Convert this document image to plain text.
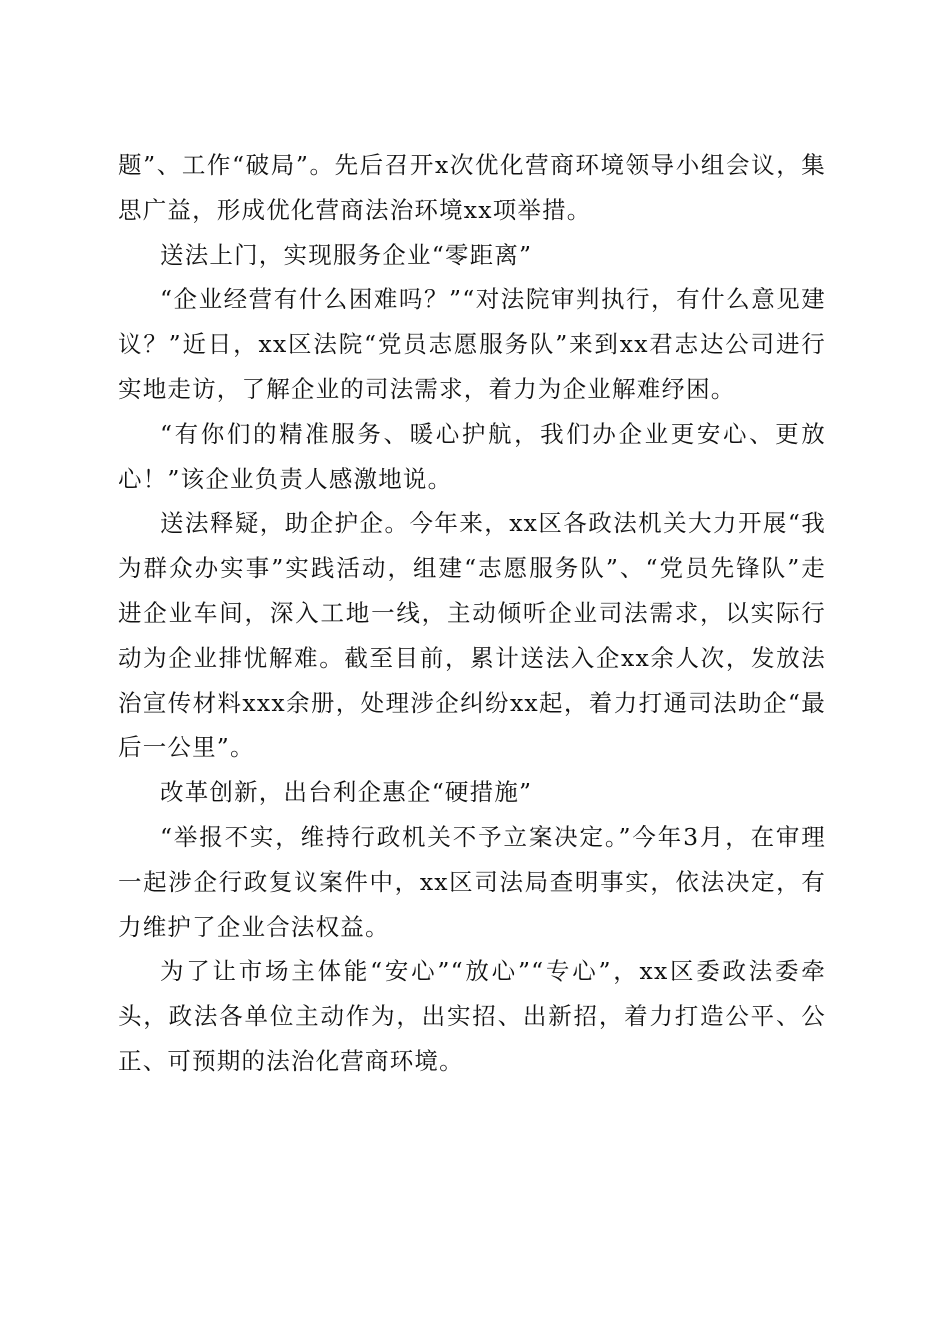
题”、工作“破局”。先后召开x次优化营商环境领导小组会议，集思广益，形成优化营商法治环境xx项举措。

送法上门，实现服务企业“零距离”

“企业经营有什么困难吗？”“对法院审判执行，有什么意见建议？”近日，xx区法院“党员志愿服务队”来到xx君志达公司进行实地走访，了解企业的司法需求，着力为企业解难纾困。

“有你们的精准服务、暖心护航，我们办企业更安心、更放心！”该企业负责人感激地说。

送法释疑，助企护企。今年来，xx区各政法机关大力开展“我为群众办实事”实践活动，组建“志愿服务队”、“党员先锋队”走进企业车间，深入工地一线，主动倾听企业司法需求，以实际行动为企业排忧解难。截至目前，累计送法入企xx余人次，发放法治宣传材料xxx余册，处理涉企纠纷xx起，着力打通司法助企“最后一公里”。

改革创新，出台利企惠企“硬措施”

“举报不实，维持行政机关不予立案决定。”今年3月，在审理一起涉企行政复议案件中，xx区司法局查明事实，依法决定，有力维护了企业合法权益。

为了让市场主体能“安心”“放心”“专心”，xx区委政法委牵头，政法各单位主动作为，出实招、出新招，着力打造公平、公正、可预期的法治化营商环境。
